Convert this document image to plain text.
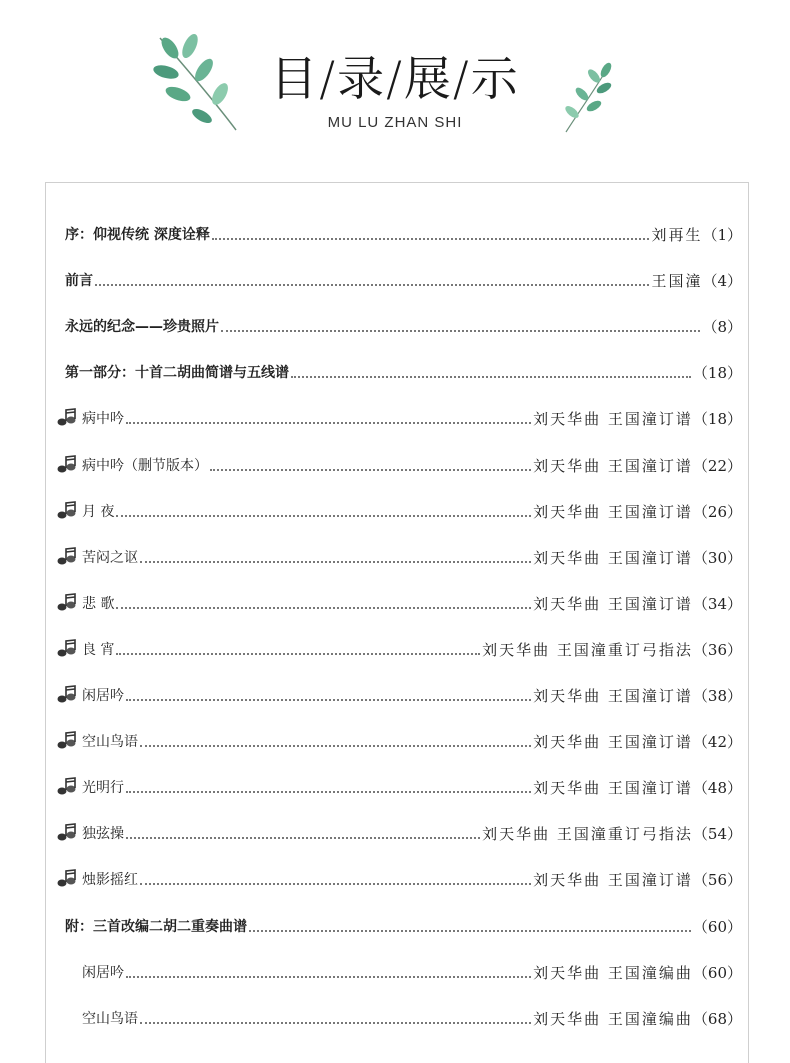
目/录/展/示
MU LU ZHAN SHI
序：仰视传统 深度诠释	刘再生 （1）
前言	王国潼 （4）
永远的纪念——珍贵照片	（8）
第一部分：十首二胡曲简谱与五线谱	（18）
病中吟	刘天华曲 王国潼订谱 （18）
病中吟（删节版本）	刘天华曲 王国潼订谱 （22）
月 夜	刘天华曲 王国潼订谱 （26）
苦闷之讴	刘天华曲 王国潼订谱 （30）
悲 歌	刘天华曲 王国潼订谱 （34）
良 宵	刘天华曲 王国潼重订弓指法 （36）
闲居吟	刘天华曲 王国潼订谱 （38）
空山鸟语	刘天华曲 王国潼订谱 （42）
光明行	刘天华曲 王国潼订谱 （48）
独弦操	刘天华曲 王国潼重订弓指法 （54）
烛影摇红	刘天华曲 王国潼订谱 （56）
附：三首改编二胡二重奏曲谱	（60）
闲居吟	刘天华曲 王国潼编曲 （60）
空山鸟语	刘天华曲 王国潼编曲 （68）
